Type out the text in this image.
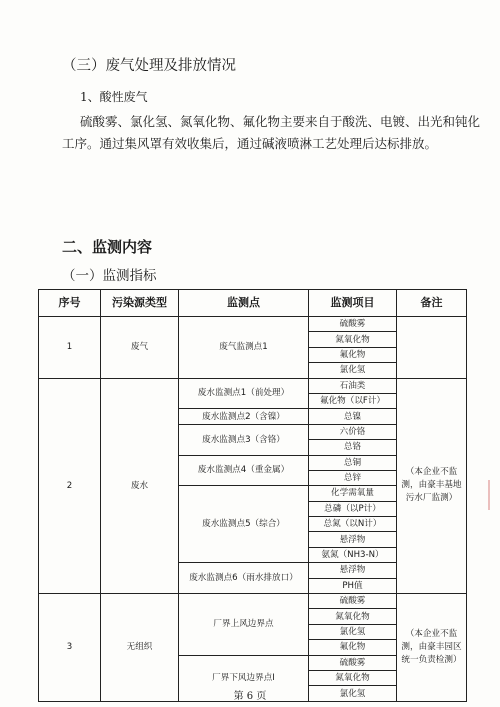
（三）废气处理及排放情况
1、酸性废气
硫酸雾、氯化氢、氮氧化物、氟化物主要来自于酸洗、电镀、出光和钝化
工序。通过集风罩有效收集后，通过碱液喷淋工艺处理后达标排放。
二、监测内容
（一）监测指标
序号	污染源类型	监测点	监测项目	备注
1	废气	废气监测点1	硫酸雾	
			氮氧化物	
			氟化物	
			氯化氢	
2	废水	废水监测点1（前处理）	石油类	（本企业不监测，由豪丰基地污水厂监测）
			氟化物（以F计）	
		废水监测点2（含镍）	总镍	
		废水监测点3（含铬）	六价铬	
			总铬	
		废水监测点4（重金属）	总铜	
			总锌	
		废水监测点5（综合）	化学需氧量	
			总磷（以P计）	
			总氮（以N计）	
			悬浮物	
			氨氮（NH3-N）	
		废水监测点6（雨水排放口）	悬浮物	
			PH值	
3	无组织	厂界上风边界点	硫酸雾	（本企业不监测，由豪丰园区统一负责检测）
			氮氧化物	
			氯化氢	
			氟化物	
		厂界下风边界点Ⅰ	硫酸雾	
			氮氧化物	
			氯化氢	
第 6 页
